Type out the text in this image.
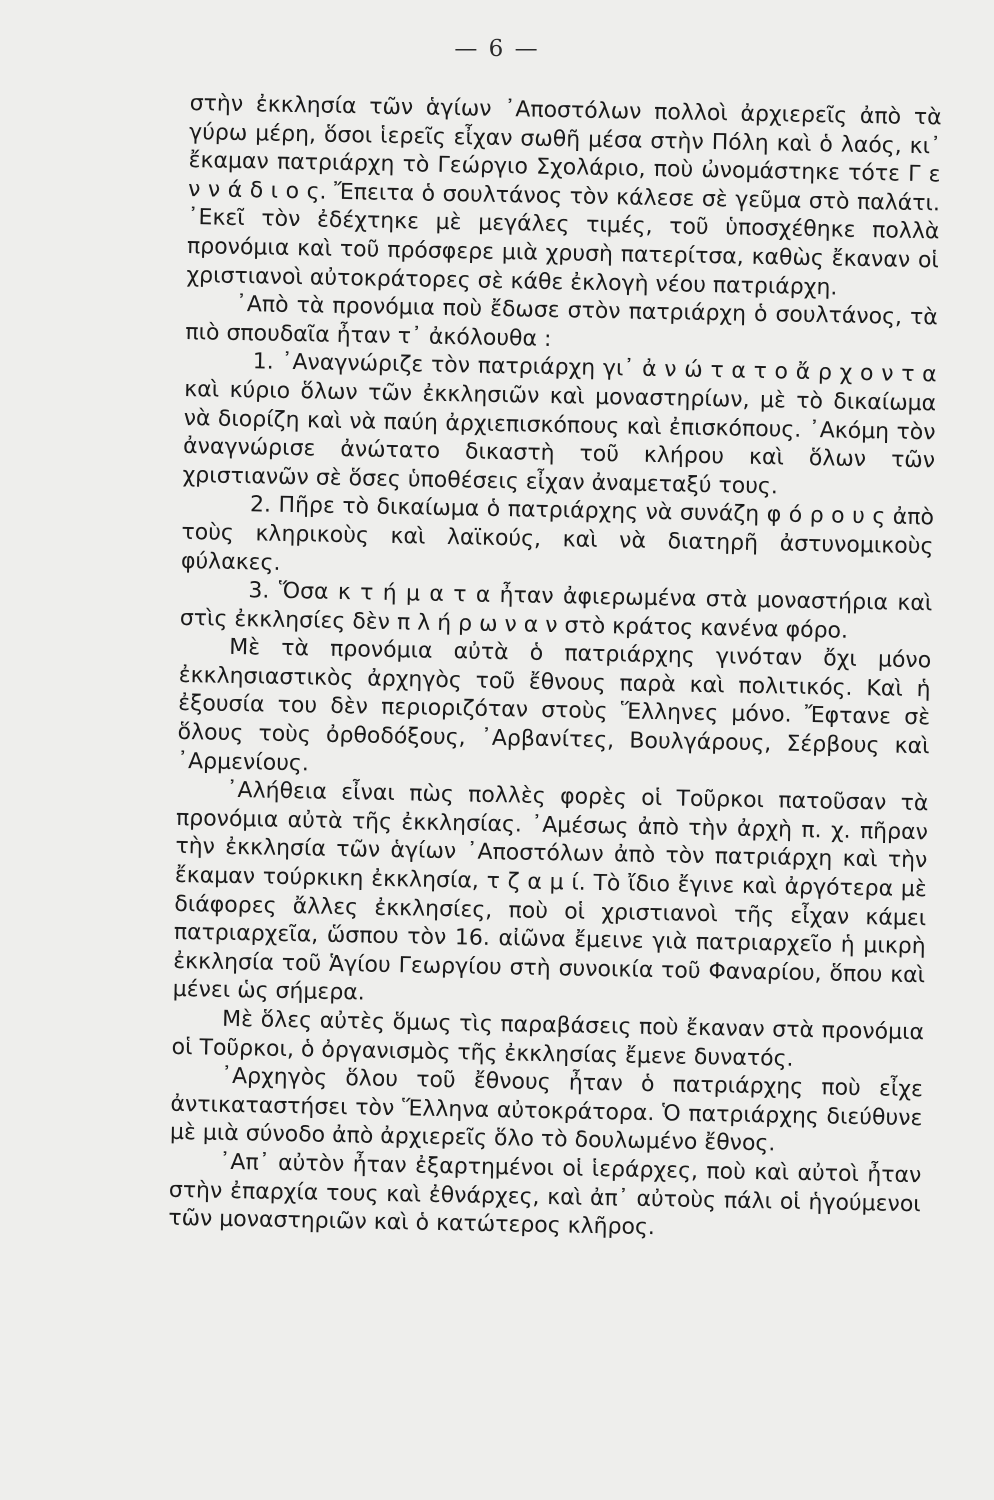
— 6 —

στὴν ἐκκλησία τῶν ἁγίων ᾿Αποστόλων πολλοὶ ἀρχιερεῖς ἀπὸ τὰ γύρω μέρη, ὅσοι ἱερεῖς εἶχαν σωθῆ μέσα στὴν Πόλη καὶ ὁ λαός, κι᾿ ἔκαμαν πατριάρχη τὸ Γεώργιο Σχολάριο, ποὺ ὠνομάστηκε τότε Γ ε ν ν ά δ ι ο ς. Ἔπειτα ὁ σουλτάνος τὸν κάλεσε σὲ γεῦμα στὸ παλάτι. ᾿Εκεῖ τὸν ἐδέχτηκε μὲ μεγάλες τιμές, τοῦ ὑποσχέθηκε πολλὰ προνόμια καὶ τοῦ πρόσφερε μιὰ χρυσὴ πατερίτσα, καθὼς ἔκαναν οἱ χριστιανοὶ αὐτοκράτορες σὲ κάθε ἐκλογὴ νέου πατριάρχη.

᾿Απὸ τὰ προνόμια ποὺ ἔδωσε στὸν πατριάρχη ὁ σουλτάνος, τὰ πιὸ σπουδαῖα ἦταν τ᾿ ἀκόλουθα :

1. ᾿Αναγνώριζε τὸν πατριάρχη γι᾿ ἀ ν ώ τ α τ ο ἄ ρ χ ο ν τ α καὶ κύριο ὅλων τῶν ἐκκλησιῶν καὶ μοναστηρίων, μὲ τὸ δικαίωμα νὰ διορίζη καὶ νὰ παύη ἀρχιεπισκόπους καὶ ἐπισκόπους. ᾿Ακόμη τὸν ἀναγνώρισε ἀνώτατο δικαστὴ τοῦ κλήρου καὶ ὅλων τῶν χριστιανῶν σὲ ὅσες ὑποθέσεις εἶχαν ἀναμεταξύ τους.

2. Πῆρε τὸ δικαίωμα ὁ πατριάρχης νὰ συνάζη φ ό ρ ο υ ς ἀπὸ τοὺς κληρικοὺς καὶ λαϊκούς, καὶ νὰ διατηρῆ ἀστυνομικοὺς φύλακες.

3. Ὅσα κ τ ή μ α τ α ἦταν ἀφιερωμένα στὰ μοναστήρια καὶ στὶς ἐκκλησίες δὲν π λ ή ρ ω ν α ν στὸ κράτος κανένα φόρο.

Μὲ τὰ προνόμια αὐτὰ ὁ πατριάρχης γινόταν ὄχι μόνο ἐκκλησιαστικὸς ἀρχηγὸς τοῦ ἔθνους παρὰ καὶ πολιτικός. Καὶ ἡ ἐξουσία του δὲν περιοριζόταν στοὺς Ἕλληνες μόνο. Ἔφτανε σὲ ὅλους τοὺς ὀρθοδόξους, ᾿Αρβανίτες, Βουλγάρους, Σέρβους καὶ ᾿Αρμενίους.

᾿Αλήθεια εἶναι πὼς πολλὲς φορὲς οἱ Τοῦρκοι πατοῦσαν τὰ προνόμια αὐτὰ τῆς ἐκκλησίας. ᾿Αμέσως ἀπὸ τὴν ἀρχὴ π. χ. πῆραν τὴν ἐκκλησία τῶν ἁγίων ᾿Αποστόλων ἀπὸ τὸν πατριάρχη καὶ τὴν ἔκαμαν τούρκικη ἐκκλησία, τ ζ α μ ί. Τὸ ἴδιο ἔγινε καὶ ἀργότερα μὲ διάφορες ἄλλες ἐκκλησίες, ποὺ οἱ χριστιανοὶ τῆς εἶχαν κάμει πατριαρχεῖα, ὥσπου τὸν 16. αἰῶνα ἔμεινε γιὰ πατριαρχεῖο ἡ μικρὴ ἐκκλησία τοῦ Ἁγίου Γεωργίου στὴ συνοικία τοῦ Φαναρίου, ὅπου καὶ μένει ὡς σήμερα.

Μὲ ὅλες αὐτὲς ὅμως τὶς παραβάσεις ποὺ ἔκαναν στὰ προνόμια οἱ Τοῦρκοι, ὁ ὀργανισμὸς τῆς ἐκκλησίας ἔμενε δυνατός.

᾿Αρχηγὸς ὅλου τοῦ ἔθνους ἦταν ὁ πατριάρχης ποὺ εἶχε ἀντικαταστήσει τὸν Ἕλληνα αὐτοκράτορα. Ὁ πατριάρχης διεύθυνε μὲ μιὰ σύνοδο ἀπὸ ἀρχιερεῖς ὅλο τὸ δουλωμένο ἔθνος.

᾿Απ᾿ αὐτὸν ἦταν ἐξαρτημένοι οἱ ἱεράρχες, ποὺ καὶ αὐτοὶ ἦταν στὴν ἐπαρχία τους καὶ ἐθνάρχες, καὶ ἀπ᾿ αὐτοὺς πάλι οἱ ἡγούμενοι τῶν μοναστηριῶν καὶ ὁ κατώτερος κλῆρος.
